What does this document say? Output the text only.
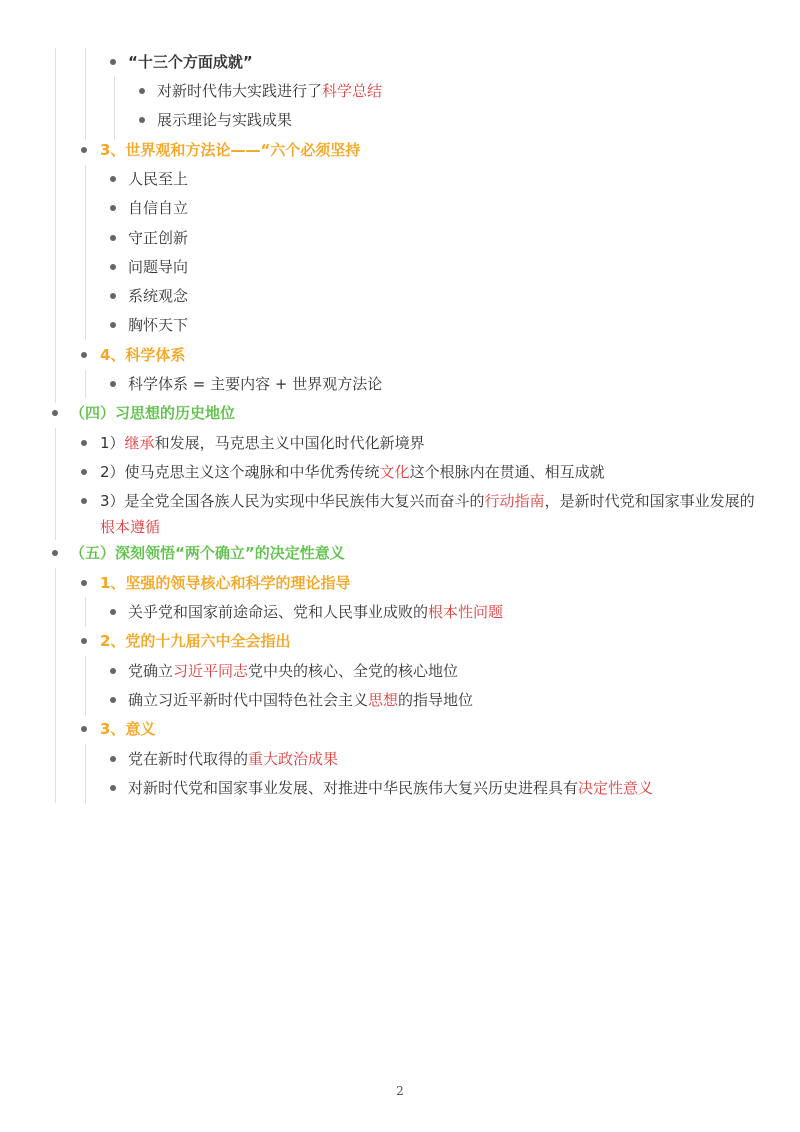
“十三个方面成就”
对新时代伟大实践进行了科学总结
展示理论与实践成果
3、世界观和方法论——“六个必须坚持
人民至上
自信自立
守正创新
问题导向
系统观念
胸怀天下
4、科学体系
科学体系 = 主要内容 + 世界观方法论
（四）习思想的历史地位
1）继承和发展，马克思主义中国化时代化新境界
2）使马克思主义这个魂脉和中华优秀传统文化这个根脉内在贯通、相互成就
3）是全党全国各族人民为实现中华民族伟大复兴而奋斗的行动指南，是新时代党和国家事业发展的根本遵循
（五）深刻领悟“两个确立”的决定性意义
1、坚强的领导核心和科学的理论指导
关乎党和国家前途命运、党和人民事业成败的根本性问题
2、党的十九届六中全会指出
党确立习近平同志党中央的核心、全党的核心地位
确立习近平新时代中国特色社会主义思想的指导地位
3、意义
党在新时代取得的重大政治成果
对新时代党和国家事业发展、对推进中华民族伟大复兴历史进程具有决定性意义
2
